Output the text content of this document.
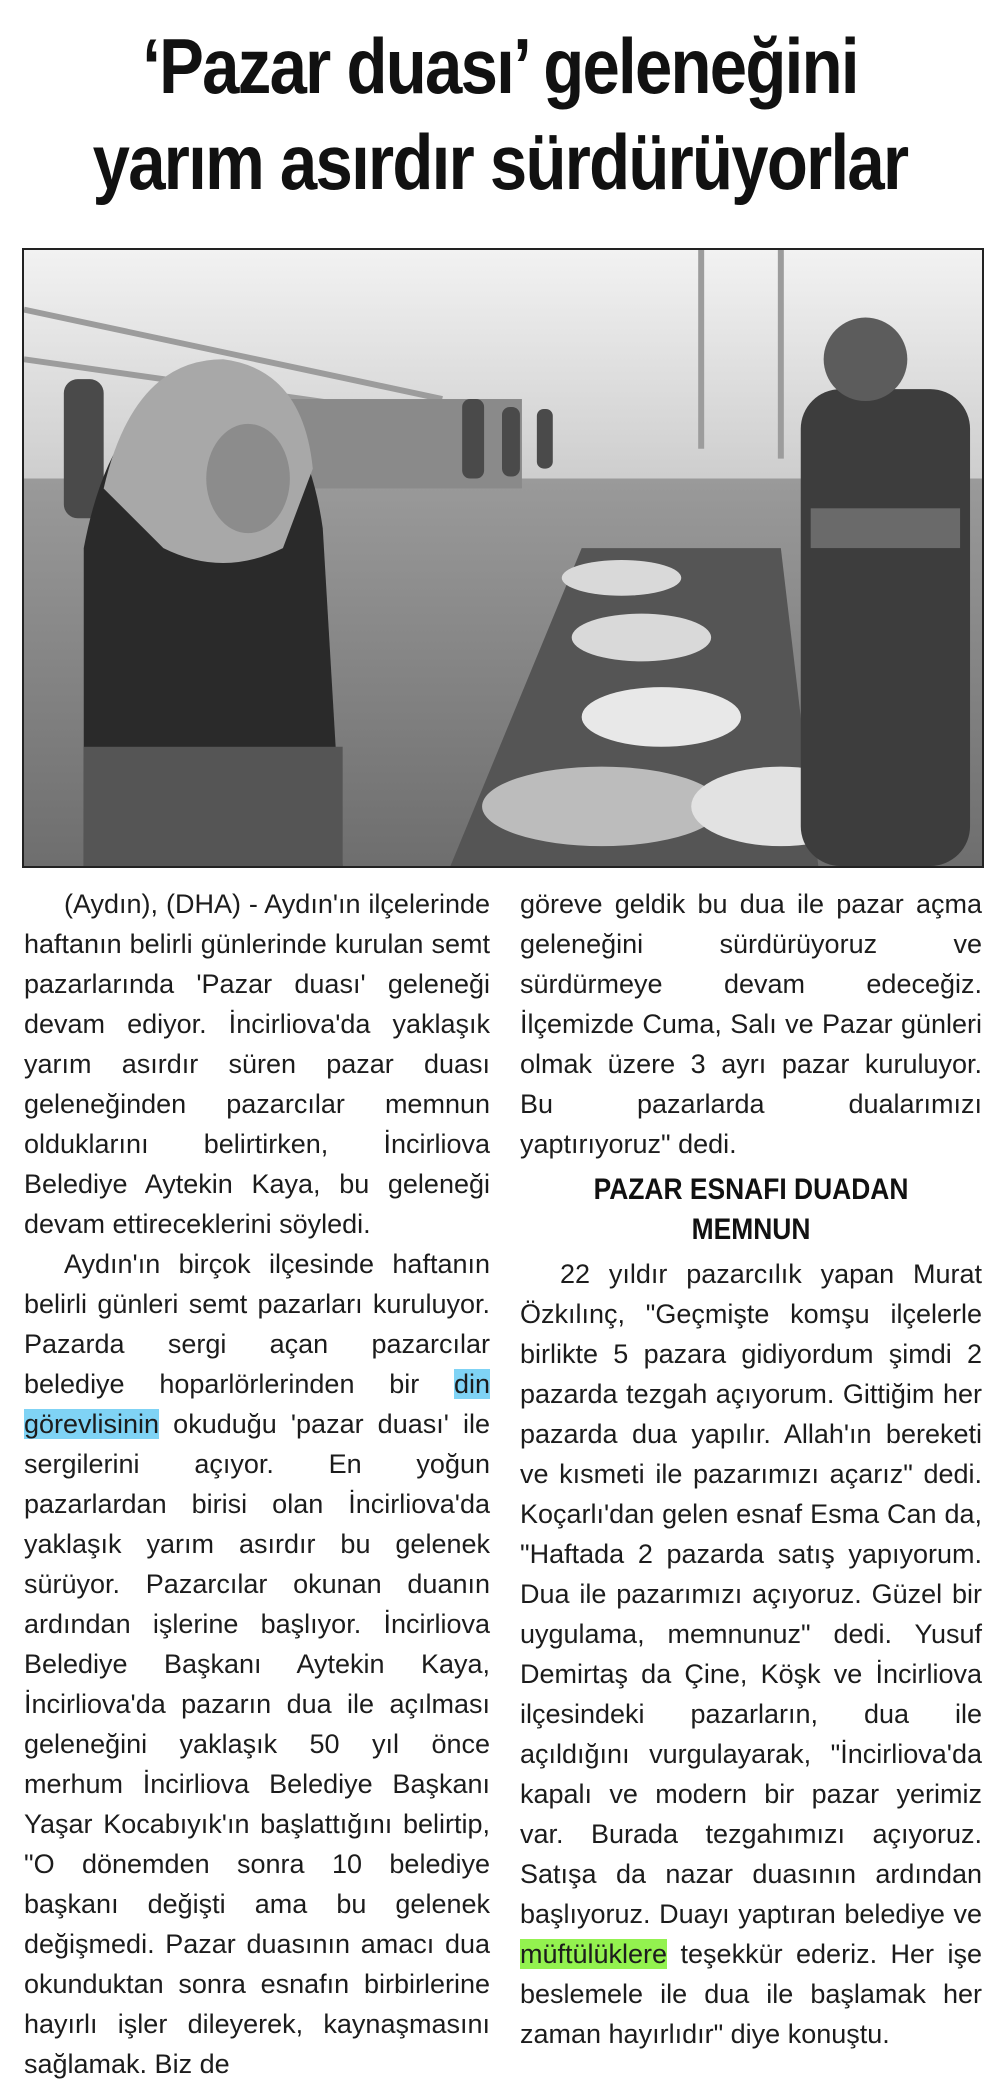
‘Pazar duası’ geleneğini
yarım asırdır sürdürüyorlar

(Aydın), (DHA) - Aydın'ın ilçelerinde haftanın belirli günlerinde kurulan semt pazarlarında 'Pazar duası' geleneği devam ediyor. İncirliova'da yaklaşık yarım asırdır süren pazar duası geleneğinden pazarcılar memnun olduklarını belirtirken, İncirliova Belediye Aytekin Kaya, bu geleneği devam ettireceklerini söyledi.

Aydın'ın birçok ilçesinde haftanın belirli günleri semt pazarları kuruluyor. Pazarda sergi açan pazarcılar belediye hoparlörlerinden bir din görevlisinin okuduğu 'pazar duası' ile sergilerini açıyor. En yoğun pazarlardan birisi olan İncirliova'da yaklaşık yarım asırdır bu gelenek sürüyor. Pazarcılar okunan duanın ardından işlerine başlıyor. İncirliova Belediye Başkanı Aytekin Kaya, İncirliova'da pazarın dua ile açılması geleneğini yaklaşık 50 yıl önce merhum İncirliova Belediye Başkanı Yaşar Kocabıyık'ın başlattığını belirtip, "O dönemden sonra 10 belediye başkanı değişti ama bu gelenek değişmedi. Pazar duasının amacı dua okunduktan sonra esnafın birbirlerine hayırlı işler dileyerek, kaynaşmasını sağlamak. Biz de

göreve geldik bu dua ile pazar açma geleneğini sürdürüyoruz ve sürdürmeye devam edeceğiz. İlçemizde Cuma, Salı ve Pazar günleri olmak üzere 3 ayrı pazar kuruluyor. Bu pazarlarda dualarımızı yaptırıyoruz" dedi.

PAZAR ESNAFI DUADAN
MEMNUN

22 yıldır pazarcılık yapan Murat Özkılınç, "Geçmişte komşu ilçelerle birlikte 5 pazara gidiyordum şimdi 2 pazarda tezgah açıyorum. Gittiğim her pazarda dua yapılır. Allah'ın bereketi ve kısmeti ile pazarımızı açarız" dedi. Koçarlı'dan gelen esnaf Esma Can da, "Haftada 2 pazarda satış yapıyorum. Dua ile pazarımızı açıyoruz. Güzel bir uygulama, memnunuz" dedi. Yusuf Demirtaş da Çine, Köşk ve İncirliova ilçesindeki pazarların, dua ile açıldığını vurgulayarak, "İncirliova'da kapalı ve modern bir pazar yerimiz var. Burada tezgahımızı açıyoruz. Satışa da nazar duasının ardından başlıyoruz. Duayı yaptıran belediye ve müftülüklere teşekkür ederiz. Her işe beslemele ile dua ile başlamak her zaman hayırlıdır" diye konuştu.
